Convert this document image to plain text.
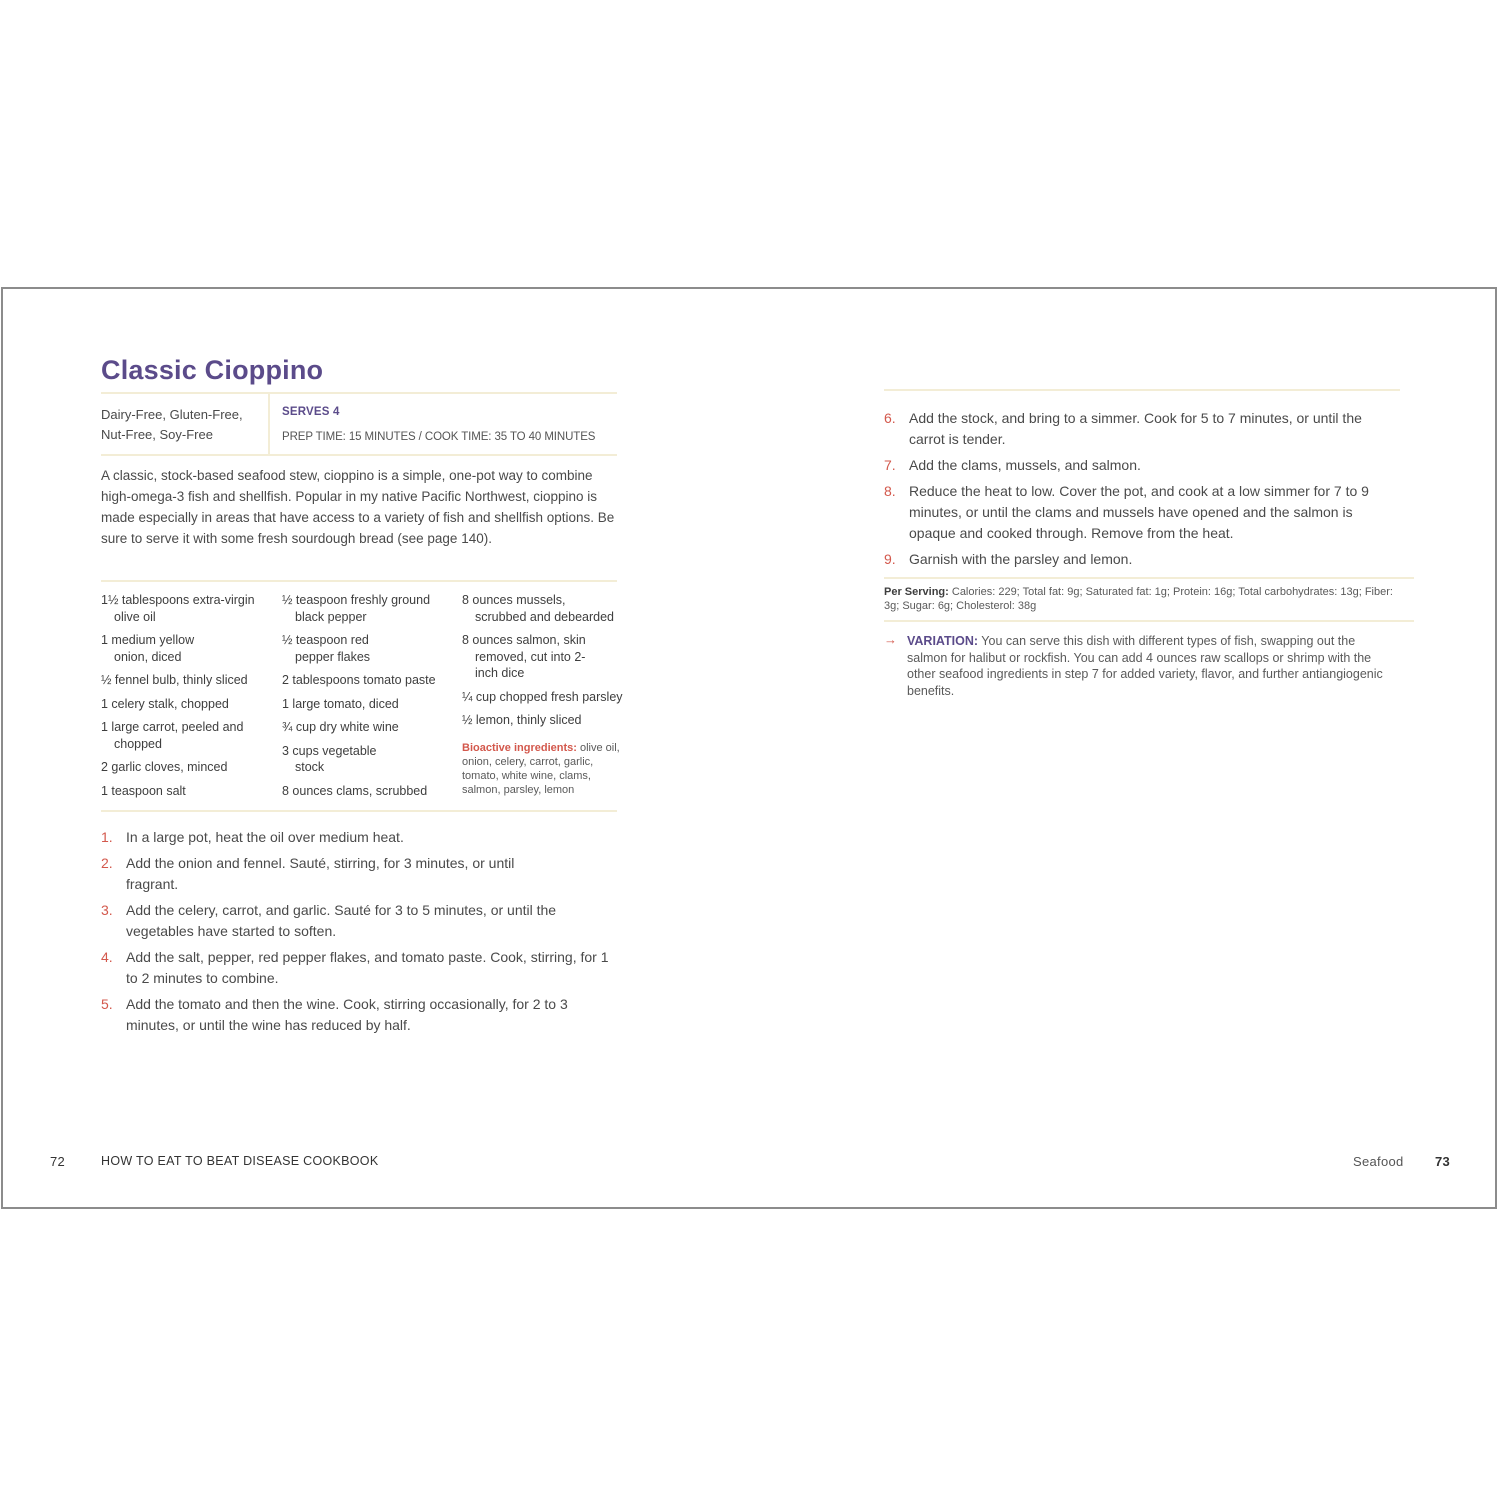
Classic Cioppino
Dairy-Free, Gluten-Free,
Nut-Free, Soy-Free
SERVES 4
PREP TIME: 15 MINUTES / COOK TIME: 35 TO 40 MINUTES
A classic, stock-based seafood stew, cioppino is a simple, one-pot way to combine high-omega-3 fish and shellfish. Popular in my native Pacific Northwest, cioppino is made especially in areas that have access to a variety of fish and shellfish options. Be sure to serve it with some fresh sourdough bread (see page 140).
1½ tablespoons extra-virgin olive oil
1 medium yellow onion, diced
½ fennel bulb, thinly sliced
1 celery stalk, chopped
1 large carrot, peeled and chopped
2 garlic cloves, minced
1 teaspoon salt
½ teaspoon freshly ground black pepper
½ teaspoon red pepper flakes
2 tablespoons tomato paste
1 large tomato, diced
¾ cup dry white wine
3 cups vegetable stock
8 ounces clams, scrubbed
8 ounces mussels, scrubbed and debearded
8 ounces salmon, skin removed, cut into 2-inch dice
¼ cup chopped fresh parsley
½ lemon, thinly sliced
Bioactive ingredients: olive oil, onion, celery, carrot, garlic, tomato, white wine, clams, salmon, parsley, lemon
1. In a large pot, heat the oil over medium heat.
2. Add the onion and fennel. Sauté, stirring, for 3 minutes, or until fragrant.
3. Add the celery, carrot, and garlic. Sauté for 3 to 5 minutes, or until the vegetables have started to soften.
4. Add the salt, pepper, red pepper flakes, and tomato paste. Cook, stirring, for 1 to 2 minutes to combine.
5. Add the tomato and then the wine. Cook, stirring occasionally, for 2 to 3 minutes, or until the wine has reduced by half.
72	HOW TO EAT TO BEAT DISEASE COOKBOOK
6. Add the stock, and bring to a simmer. Cook for 5 to 7 minutes, or until the carrot is tender.
7. Add the clams, mussels, and salmon.
8. Reduce the heat to low. Cover the pot, and cook at a low simmer for 7 to 9 minutes, or until the clams and mussels have opened and the salmon is opaque and cooked through. Remove from the heat.
9. Garnish with the parsley and lemon.
Per Serving: Calories: 229; Total fat: 9g; Saturated fat: 1g; Protein: 16g; Total carbohydrates: 13g; Fiber: 3g; Sugar: 6g; Cholesterol: 38g
→ VARIATION: You can serve this dish with different types of fish, swapping out the salmon for halibut or rockfish. You can add 4 ounces raw scallops or shrimp with the other seafood ingredients in step 7 for added variety, flavor, and further antiangiogenic benefits.
Seafood 73
